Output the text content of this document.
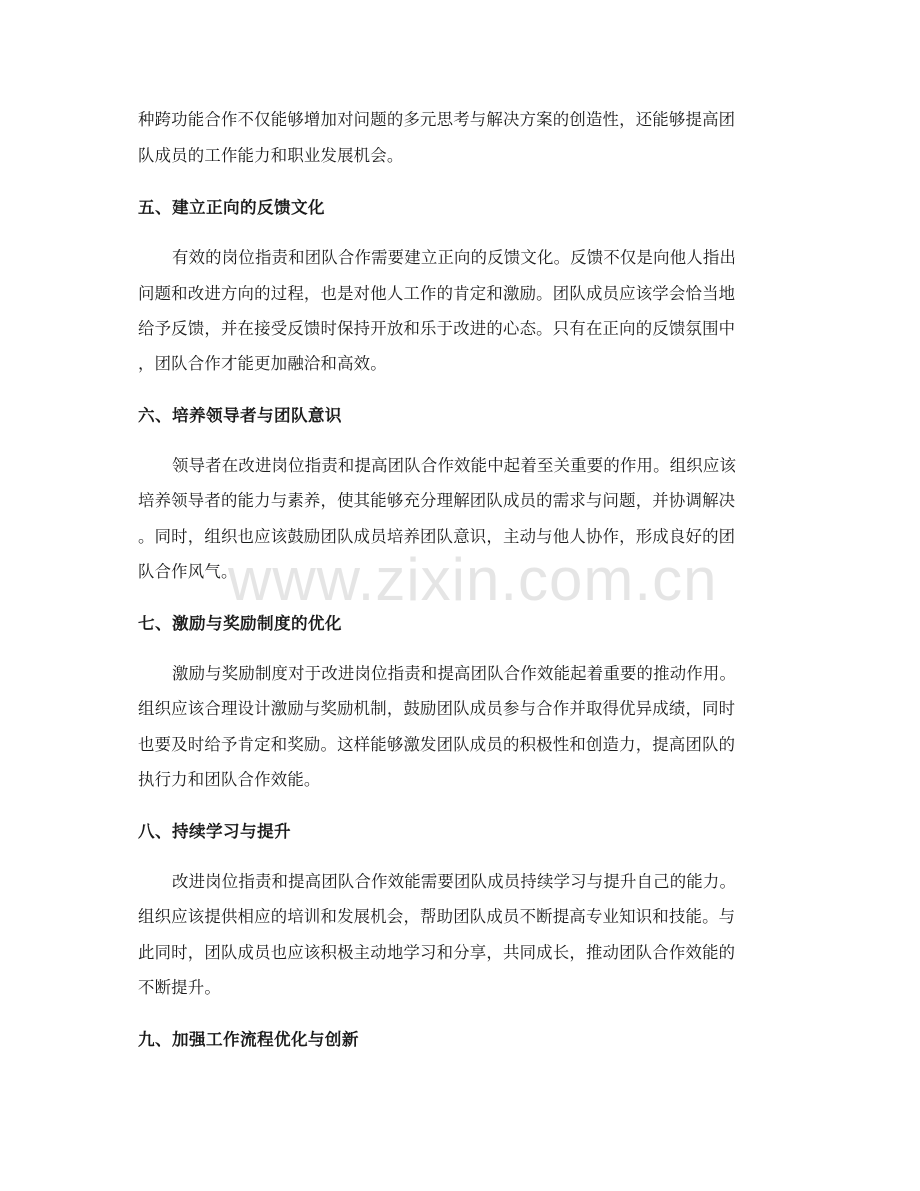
种跨功能合作不仅能够增加对问题的多元思考与解决方案的创造性，还能够提高团
队成员的工作能力和职业发展机会。
五、建立正向的反馈文化
有效的岗位指责和团队合作需要建立正向的反馈文化。反馈不仅是向他人指出
问题和改进方向的过程，也是对他人工作的肯定和激励。团队成员应该学会恰当地
给予反馈，并在接受反馈时保持开放和乐于改进的心态。只有在正向的反馈氛围中
，团队合作才能更加融洽和高效。
六、培养领导者与团队意识
领导者在改进岗位指责和提高团队合作效能中起着至关重要的作用。组织应该
培养领导者的能力与素养，使其能够充分理解团队成员的需求与问题，并协调解决
。同时，组织也应该鼓励团队成员培养团队意识，主动与他人协作，形成良好的团
队合作风气。
七、激励与奖励制度的优化
激励与奖励制度对于改进岗位指责和提高团队合作效能起着重要的推动作用。
组织应该合理设计激励与奖励机制，鼓励团队成员参与合作并取得优异成绩，同时
也要及时给予肯定和奖励。这样能够激发团队成员的积极性和创造力，提高团队的
执行力和团队合作效能。
八、持续学习与提升
改进岗位指责和提高团队合作效能需要团队成员持续学习与提升自己的能力。
组织应该提供相应的培训和发展机会，帮助团队成员不断提高专业知识和技能。与
此同时，团队成员也应该积极主动地学习和分享，共同成长，推动团队合作效能的
不断提升。
九、加强工作流程优化与创新
www.zixin.com.cn
